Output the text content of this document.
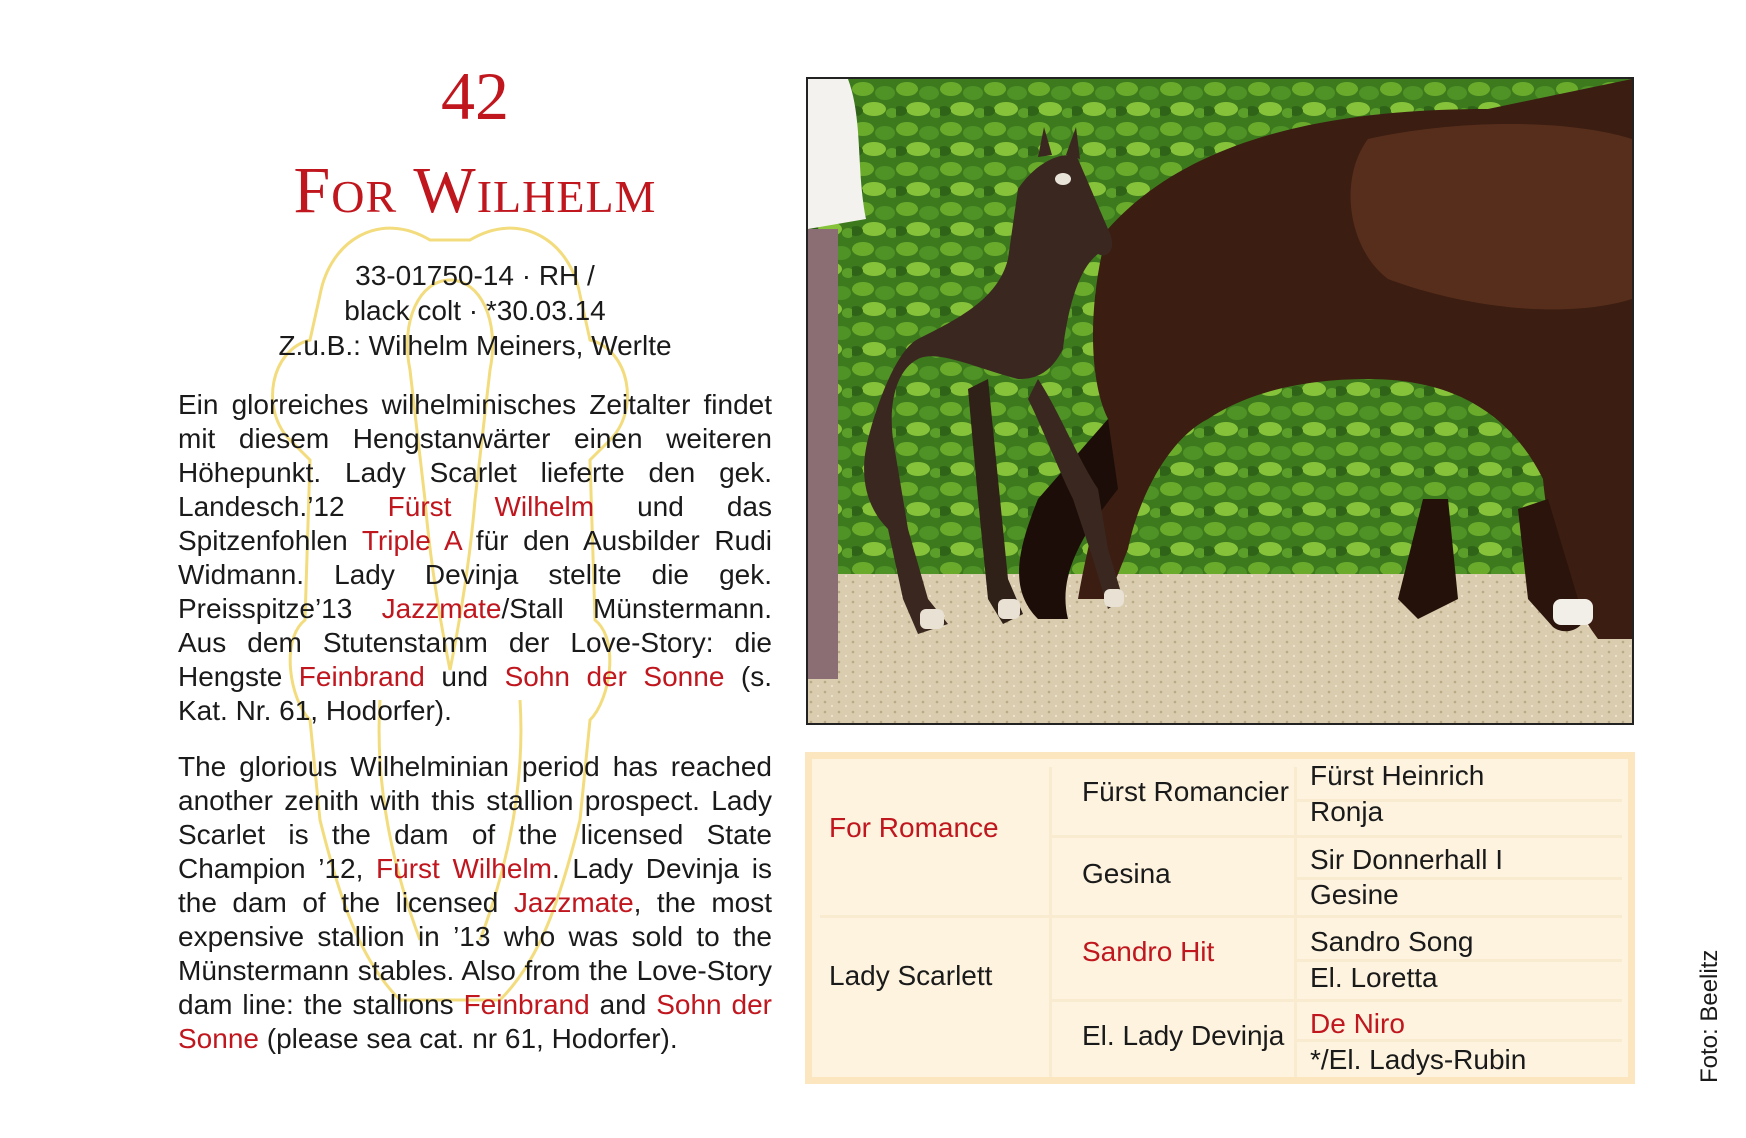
42
For Wilhelm
33-01750-14 · RH /
black colt · *30.03.14
Z.u.B.: Wilhelm Meiners, Werlte

Ein glorreiches wilhelminisches Zeitalter findet mit diesem Hengstanwärter einen weiteren Höhepunkt. Lady Scarlet lieferte den gek. Landesch.’12 Fürst Wilhelm und das Spitzenfohlen Triple A für den Ausbilder Rudi Widmann. Lady Devinja stellte die gek. Preisspitze’13 Jazzmate/Stall Münstermann. Aus dem Stutenstamm der Love-Story: die Hengste Feinbrand und Sohn der Sonne (s. Kat. Nr. 61, Hodorfer).

The glorious Wilhelminian period has reached another zenith with this stallion prospect. Lady Scarlet is the dam of the licensed State Champion ’12, Fürst Wilhelm. Lady Devinja is the dam of the licensed Jazzmate, the most expensive stallion in ’13 who was sold to the Münstermann stables. Also from the Love-Story dam line: the stallions Feinbrand and Sohn der Sonne (please sea cat. nr 61, Hodorfer).

For Romance
Lady Scarlett
Fürst Romancier
Gesina
Sandro Hit
El. Lady Devinja
Fürst Heinrich
Ronja
Sir Donnerhall I
Gesine
Sandro Song
El. Loretta
De Niro
*/El. Ladys-Rubin	Foto: Beelitz
